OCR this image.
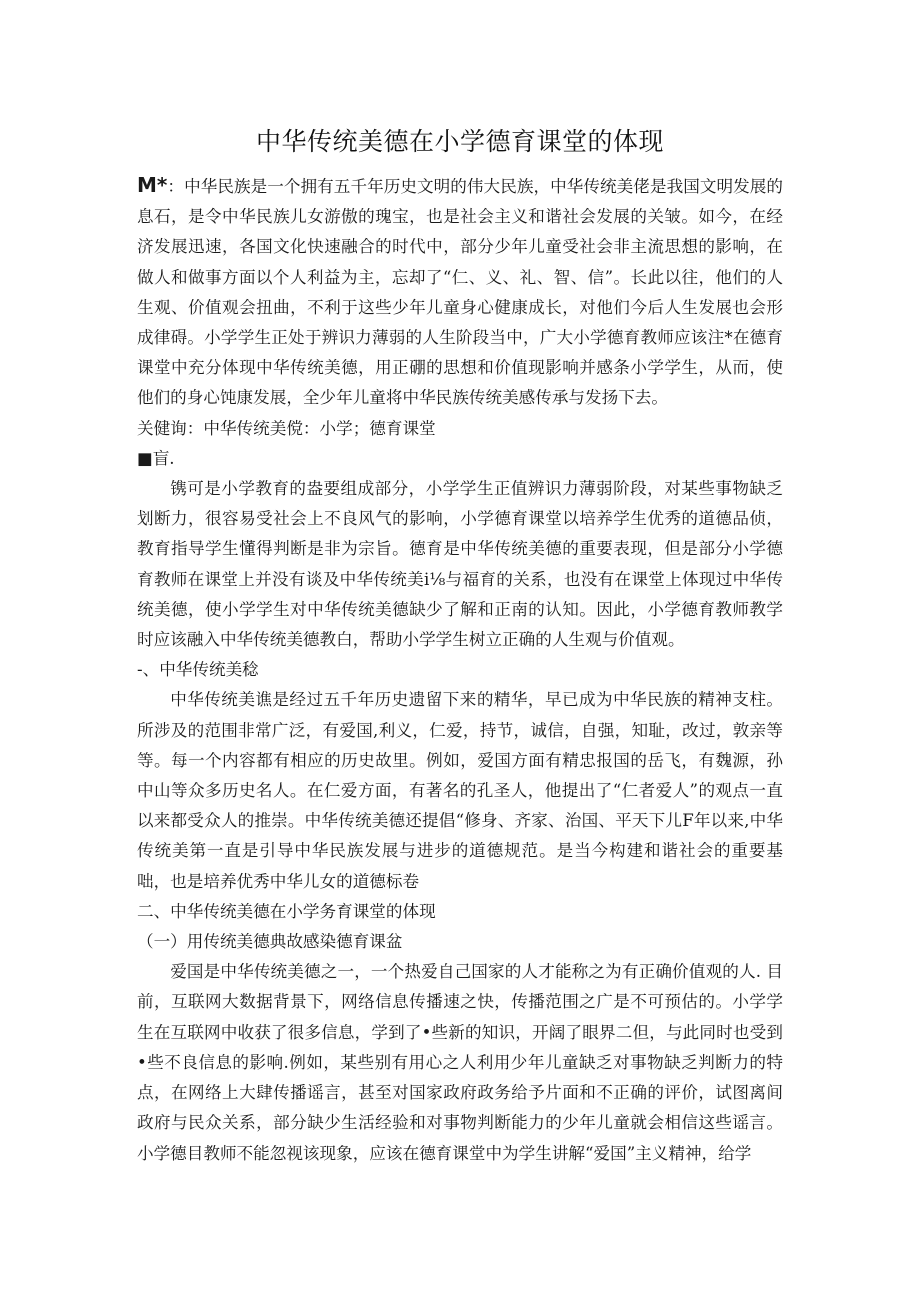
中华传统美德在小学德育课堂的体现

M*：中华民族是一个拥有五千年历史文明的伟大民族，中华传统美佬是我国文明发展的息石，是令中华民族儿女游傲的瑰宝，也是社会主义和谐社会发展的关皱。如今，在经济发展迅速，各国文化快速融合的时代中，部分少年儿童受社会非主流思想的影响，在做人和做事方面以个人利益为主，忘却了“仁、义、礼、智、信”。长此以往，他们的人生观、价值观会扭曲，不利于这些少年儿童身心健康成长，对他们今后人生发展也会形成律碍。小学学生正处于辨识力薄弱的人生阶段当中，广大小学德育教师应该注*在德育课堂中充分体现中华传统美德，用正硼的思想和价值现影响并感条小学学生，从而，使他们的身心饨康发展，全少年儿童将中华民族传统美感传承与发扬下去。

关健询：中华传统美傥：小学；德育课堂

■盲.

镌可是小学教育的盎要组成部分，小学学生正值辨识力薄弱阶段，对某些事物缺乏划断力，很容易受社会上不良风气的影响，小学德育课堂以培养学生优秀的道德品侦，教育指导学生懂得判断是非为宗旨。德育是中华传统美德的重要表现，但是部分小学德育教师在课堂上并没有谈及中华传统美i⅛与福育的关系，也没有在课堂上体现过中华传统美德，使小学学生对中华传统美德缺少了解和正南的认知。因此，小学德育教师教学时应该融入中华传统美德教白，帮助小学学生树立正确的人生观与价值观。

-、中华传统美稔

中华传统美谯是经过五千年历史遗留下来的精华，早已成为中华民族的精神支柱。所涉及的范围非常广泛，有爱国,利义，仁爱，持节，诚信，自强，知耻，改过，敦亲等等。每一个内容都有相应的历史故里。例如，爱国方面有精忠报国的岳飞，有魏源，孙中山等众多历史名人。在仁爱方面，有著名的孔圣人，他提出了“仁者爱人”的观点一直以来都受众人的推崇。中华传统美德还提倡“修身、齐家、治国、平天下儿F年以来,中华传统美第一直是引导中华民族发展与进步的道德规范。是当今构建和谐社会的重要基咄，也是培养优秀中华儿女的道德标卷

二、中华传统美德在小学务育课堂的体现

（一）用传统美德典故感染德育课盆

爱国是中华传统美德之一，一个热爱自己国家的人才能称之为有正确价值观的人. 目前，互联网大数据背景下，网络信息传播速之快，传播范围之广是不可预估的。小学学生在互联网中收获了很多信息，学到了•些新的知识，开阔了眼界二但，与此同时也受到•些不良信息的影响.例如，某些别有用心之人利用少年儿童缺乏对事物缺乏判断力的特点，在网络上大肆传播谣言，甚至对国家政府政务给予片面和不正确的评价，试图离间政府与民众关系，部分缺少生活经验和对事物判断能力的少年儿童就会相信这些谣言。小学德目教师不能忽视该现象，应该在德育课堂中为学生讲解“爱国”主义精神，给学
